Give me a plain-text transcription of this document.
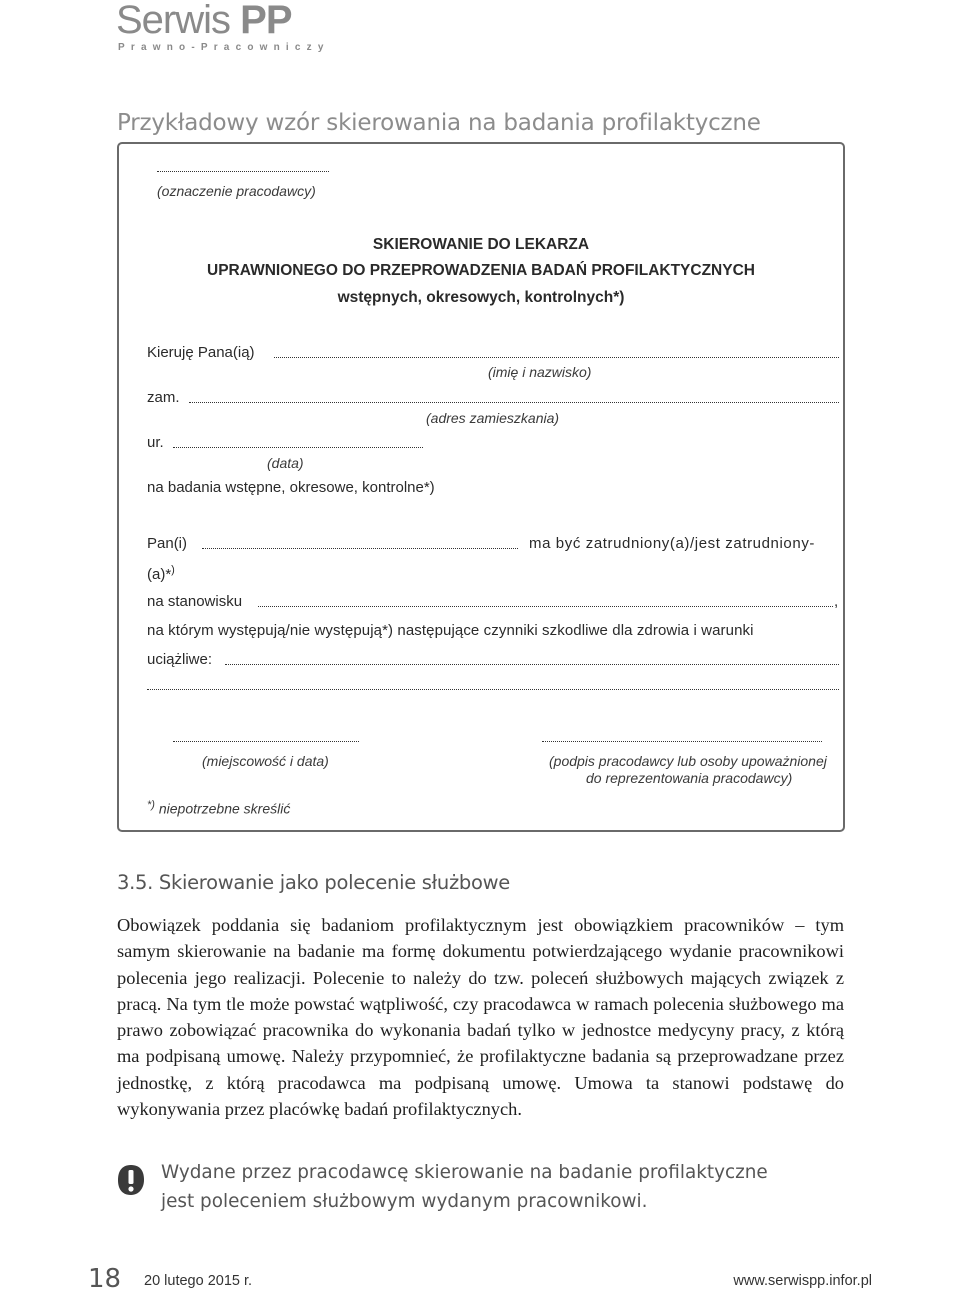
Serwis PP
Prawno-Pracowniczy
Przykładowy wzór skierowania na badania profilaktyczne
(oznaczenie pracodawcy)
SKIEROWANIE DO LEKARZA
UPRAWNIONEGO DO PRZEPROWADZENIA BADAŃ PROFILAKTYCZNYCH
wstępnych, okresowych, kontrolnych*)
Kieruję Pana(ią)
(imię i nazwisko)
zam.
(adres zamieszkania)
ur.
(data)
na badania wstępne, okresowe, kontrolne*)
Pan(i)	ma być zatrudniony(a)/jest zatrudniony-
(a)*)
na stanowisku	,
na którym występują/nie występują*) następujące czynniki szkodliwe dla zdrowia i warunki
uciążliwe:
(miejscowość i data)	(podpis pracodawcy lub osoby upoważnionej
do reprezentowania pracodawcy)
*) niepotrzebne skreślić
3.5. Skierowanie jako polecenie służbowe
Obowiązek poddania się badaniom profilaktycznym jest obowiązkiem pracowników – tym samym skierowanie na badanie ma formę dokumentu potwierdzającego wydanie pracownikowi polecenia jego realizacji. Polecenie to należy do tzw. poleceń służbowych mających związek z pracą. Na tym tle może powstać wątpliwość, czy pracodawca w ramach polecenia służbowego ma prawo zobowiązać pracownika do wykonania badań tylko w jednostce medycyny pracy, z którą ma podpisaną umowę. Należy przypomnieć, że profilaktyczne badania są przeprowadzane przez jednostkę, z którą pracodawca ma podpisaną umowę. Umowa ta stanowi podstawę do wykonywania przez placówkę badań profilaktycznych.
Wydane przez pracodawcę skierowanie na badanie profilaktyczne
jest poleceniem służbowym wydanym pracownikowi.
18 20 lutego 2015 r.	www.serwispp.infor.pl
